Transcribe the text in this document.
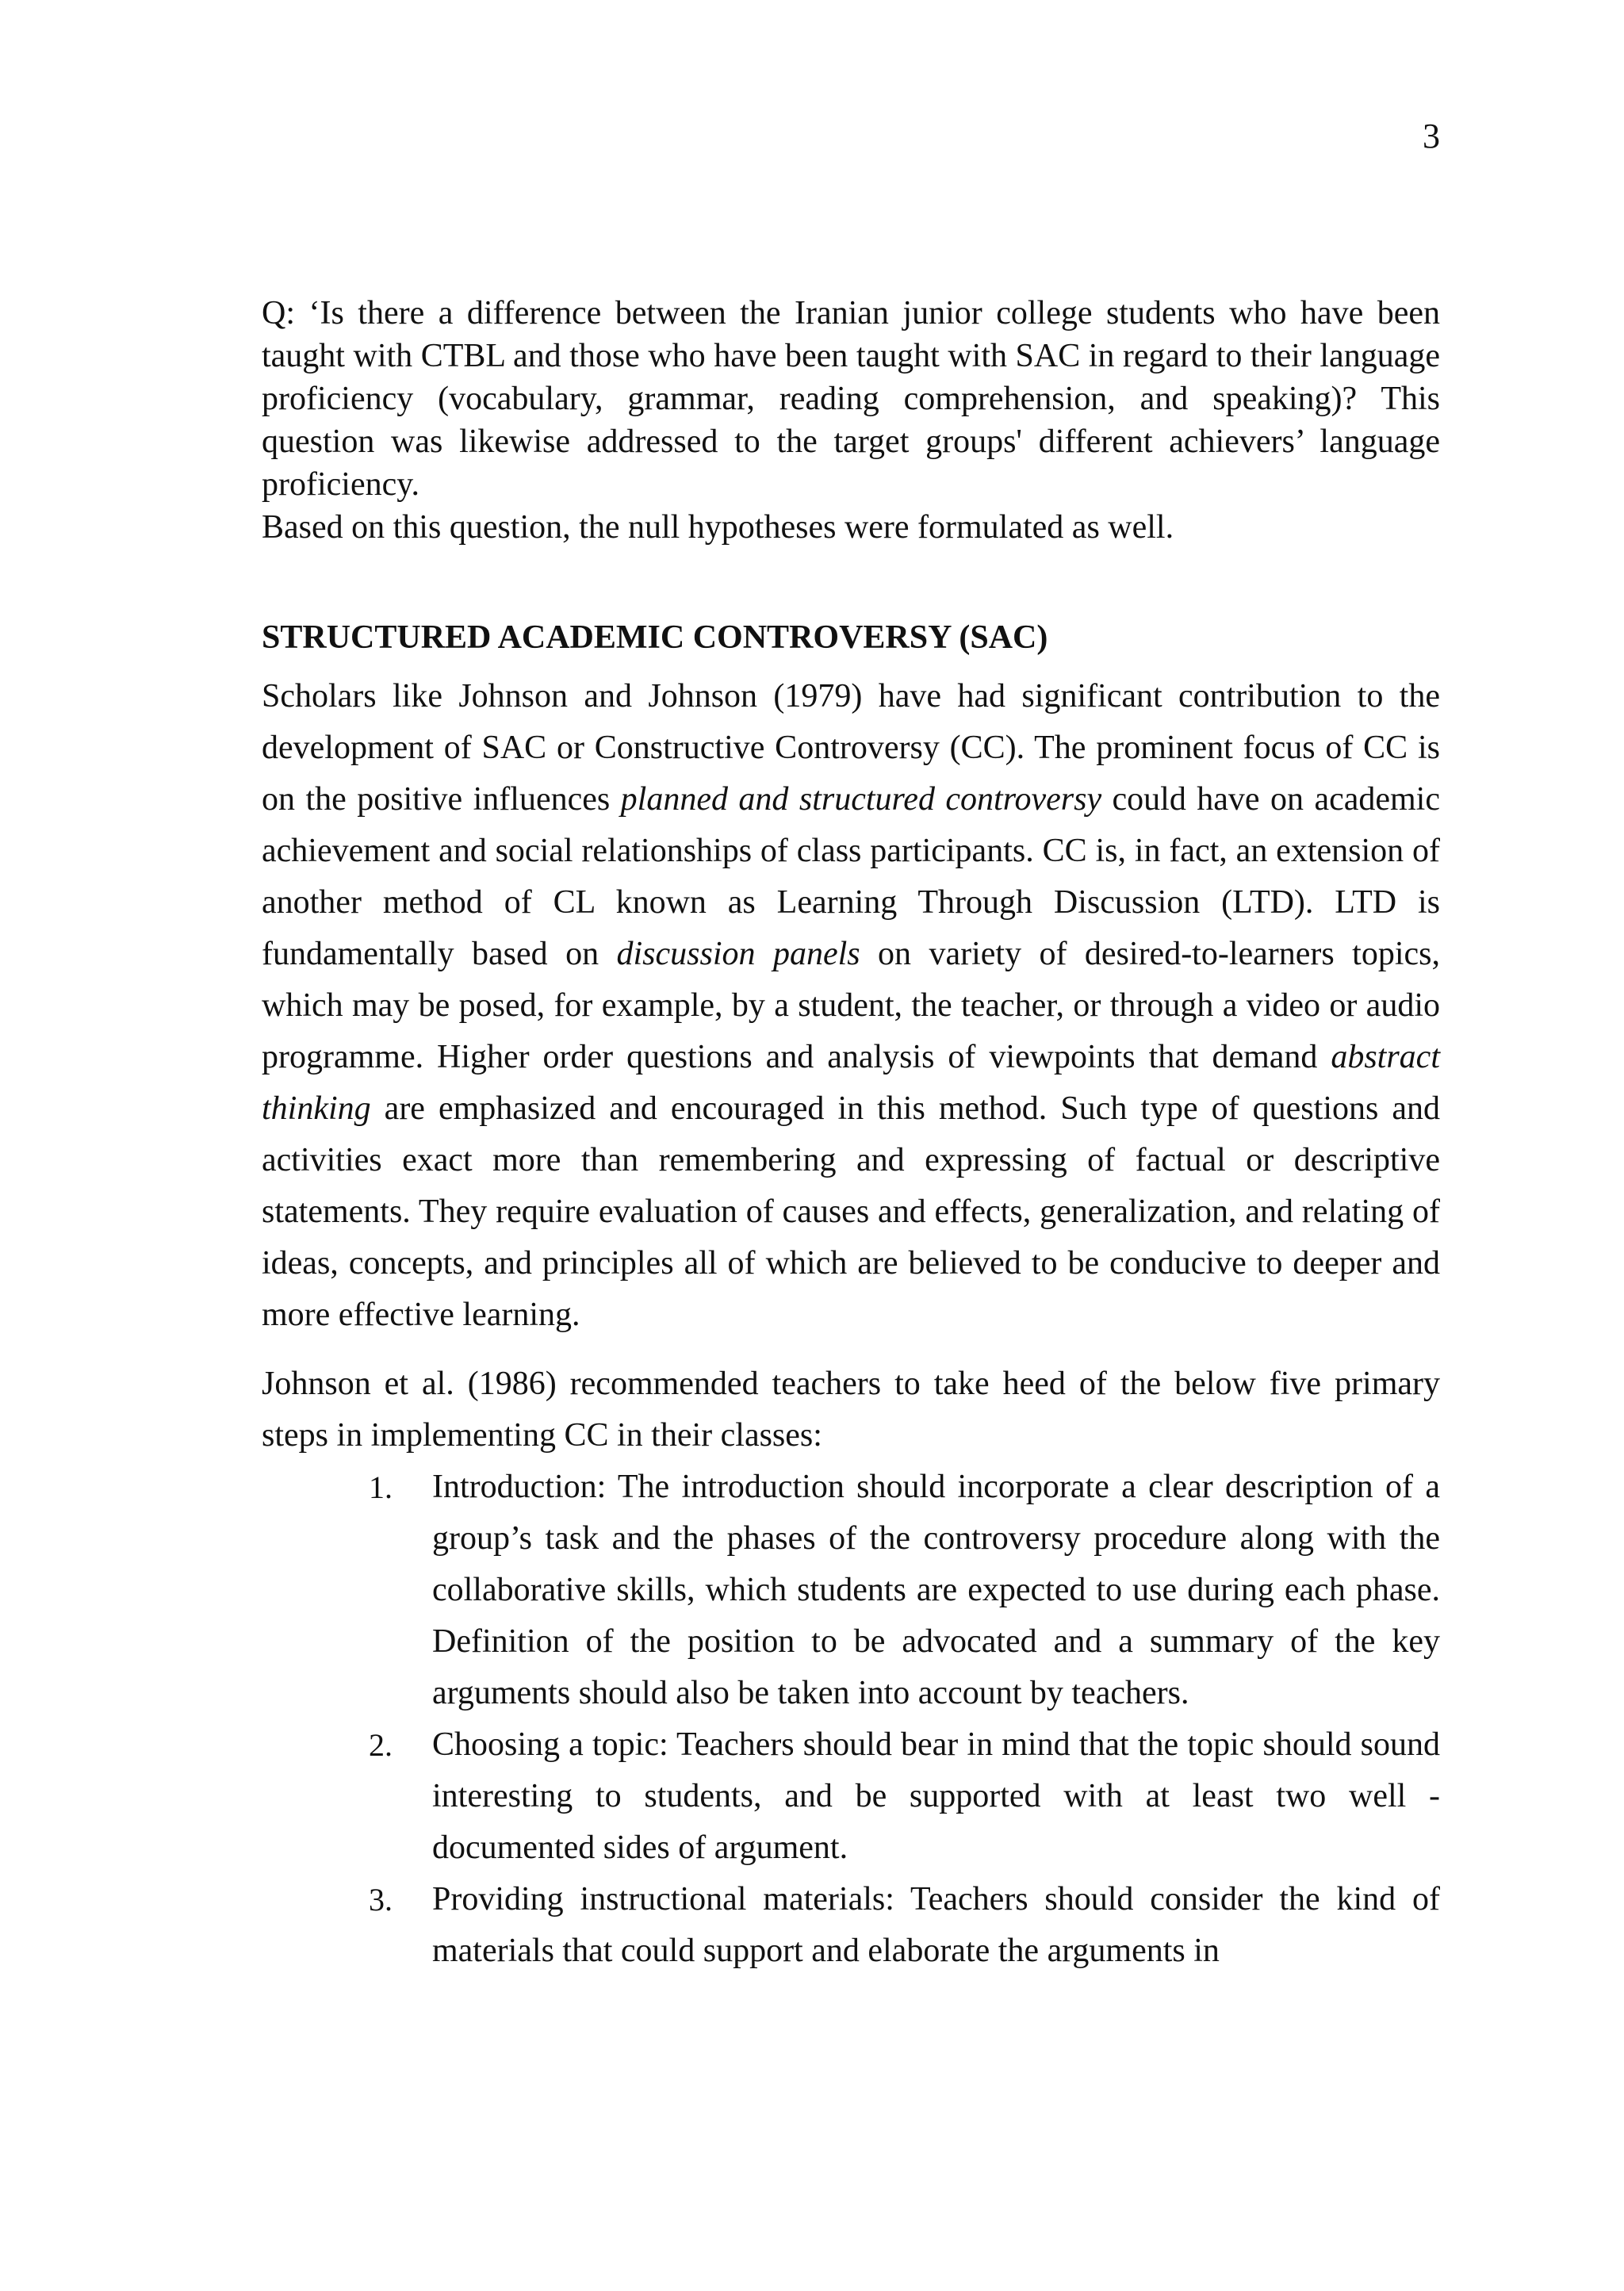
3

Q: ‘Is there a difference between the Iranian junior college students who have been taught with CTBL and those who have been taught with SAC in regard to their language proficiency (vocabulary, grammar, reading comprehension, and speaking)? This question was likewise addressed to the target groups' different achievers’ language proficiency.

Based on this question, the null hypotheses were formulated as well.

STRUCTURED ACADEMIC CONTROVERSY (SAC)

Scholars like Johnson and Johnson (1979) have had significant contribution to the development of SAC or Constructive Controversy (CC). The prominent focus of CC is on the positive influences planned and structured controversy could have on academic achievement and social relationships of class participants. CC is, in fact, an extension of another method of CL known as Learning Through Discussion (LTD). LTD is fundamentally based on discussion panels on variety of desired-to-learners topics, which may be posed, for example, by a student, the teacher, or through a video or audio programme. Higher order questions and analysis of viewpoints that demand abstract thinking are emphasized and encouraged in this method. Such type of questions and activities exact more than remembering and expressing of factual or descriptive statements. They require evaluation of causes and effects, generalization, and relating of ideas, concepts, and principles all of which are believed to be conducive to deeper and more effective learning.

Johnson et al. (1986) recommended teachers to take heed of the below five primary steps in implementing CC in their classes:

1.	Introduction: The introduction should incorporate a clear description of a group’s task and the phases of the controversy procedure along with the collaborative skills, which students are expected to use during each phase. Definition of the position to be advocated and a summary of the key arguments should also be taken into account by teachers.
2.	Choosing a topic: Teachers should bear in mind that the topic should sound interesting to students, and be supported with at least two well - documented sides of argument.
3.	Providing instructional materials: Teachers should consider the kind of materials that could support and elaborate the arguments in
